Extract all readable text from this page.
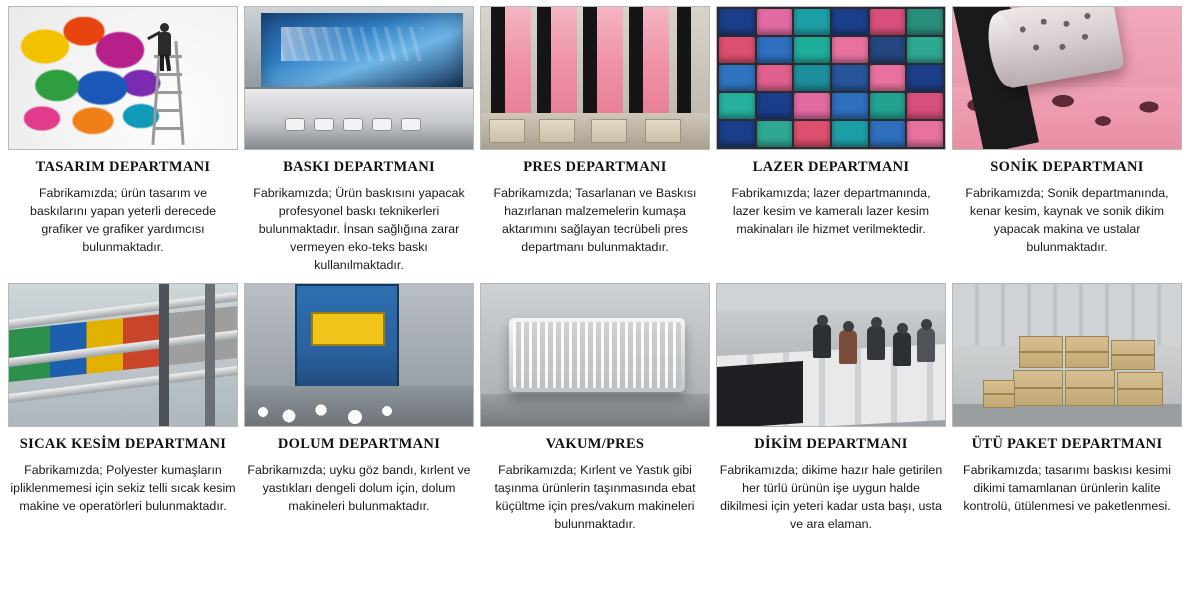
TASARIM DEPARTMANI
Fabrikamızda; ürün tasarım ve baskılarını yapan yeterli derecede grafiker ve grafiker yardımcısı bulunmaktadır.
BASKI DEPARTMANI
Fabrikamızda; Ürün baskısını yapacak profesyonel baskı teknikerleri bulunmaktadır. İnsan sağlığına zarar vermeyen eko-teks baskı kullanılmaktadır.
PRES DEPARTMANI
Fabrikamızda; Tasarlanan ve Baskısı hazırlanan malzemelerin kumaşa aktarımını sağlayan tecrübeli pres departmanı bulunmaktadır.
LAZER DEPARTMANI
Fabrikamızda; lazer departmanında, lazer kesim ve kameralı lazer kesim makinaları ile hizmet verilmektedir.
SONİK DEPARTMANI
Fabrikamızda; Sonik departmanında, kenar kesim, kaynak ve sonik dikim yapacak makina ve ustalar bulunmaktadır.
SICAK KESİM DEPARTMANI
Fabrikamızda; Polyester kumaşların ipliklenmemesi için sekiz telli sıcak kesim makine ve operatörleri bulunmaktadır.
DOLUM DEPARTMANI
Fabrikamızda; uyku göz bandı, kırlent ve yastıkları dengeli dolum için, dolum makineleri bulunmaktadır.
VAKUM/PRES
Fabrikamızda; Kırlent ve Yastık gibi taşınma ürünlerin taşınmasında ebat küçültme için pres/vakum makineleri bulunmaktadır.
DİKİM DEPARTMANI
Fabrikamızda; dikime hazır hale getirilen her türlü ürünün işe uygun halde dikilmesi için yeteri kadar usta başı, usta ve ara elaman.
ÜTÜ PAKET DEPARTMANI
Fabrikamızda; tasarımı baskısı kesimi dikimi tamamlanan ürünlerin kalite kontrolü, ütülenmesi ve paketlenmesi.
